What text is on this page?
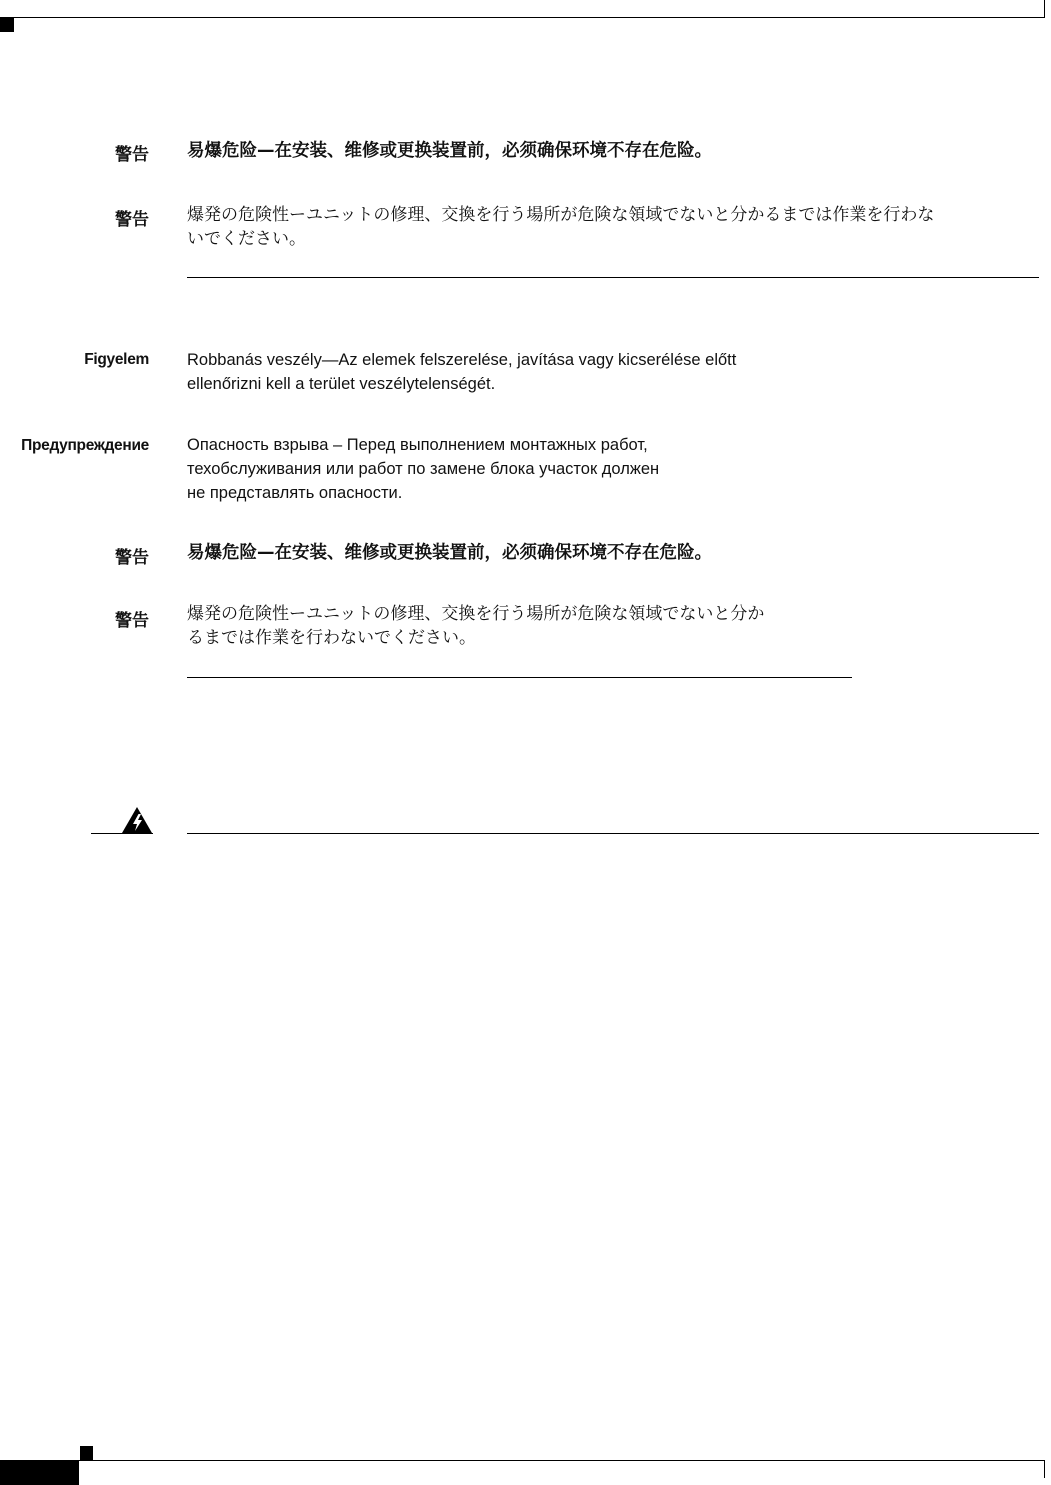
警告 易爆危险—在安装、维修或更换装置前，必须确保环境不存在危险。
警告 爆発の危険性ーユニットの修理、交換を行う場所が危険な領域でないと分かるまでは作業を行わな
いでください。
Figyelem Robbanás veszély—Az elemek felszerelése, javítása vagy kicserélése előtt
ellenőrizni kell a terület veszélytelenségét.
Предупреждение Опасность взрыва – Перед выполнением монтажных работ,
техобслуживания или работ по замене блока участок должен
не представлять опасности.
警告 易爆危险—在安装、维修或更换装置前，必须确保环境不存在危险。
警告 爆発の危険性ーユニットの修理、交換を行う場所が危険な領域でないと分か
るまでは作業を行わないでください。
